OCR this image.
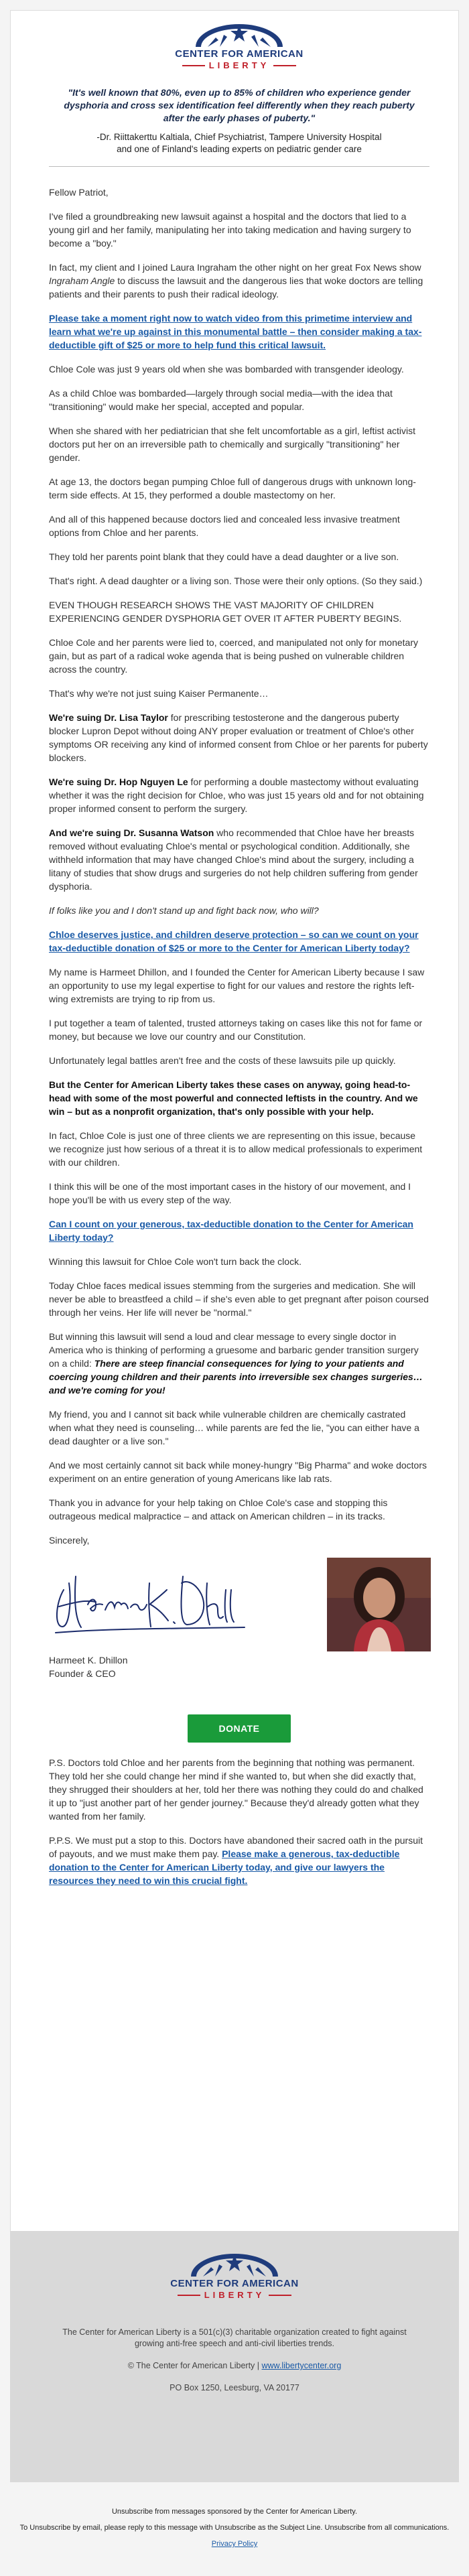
CENTER FOR AMERICAN
LIBERTY
"It's well known that 80%, even up to 85% of children who experience gender dysphoria and cross sex identification feel differently when they reach puberty after the early phases of puberty."
-Dr. Riittakerttu Kaltiala, Chief Psychiatrist, Tampere University Hospital
and one of Finland's leading experts on pediatric gender care

Fellow Patriot,

I've filed a groundbreaking new lawsuit against a hospital and the doctors that lied to a young girl and her family, manipulating her into taking medication and having surgery to become a "boy."

In fact, my client and I joined Laura Ingraham the other night on her great Fox News show Ingraham Angle to discuss the lawsuit and the dangerous lies that woke doctors are telling patients and their parents to push their radical ideology.

Please take a moment right now to watch video from this primetime interview and learn what we're up against in this monumental battle – then consider making a tax-deductible gift of $25 or more to help fund this critical lawsuit.

Chloe Cole was just 9 years old when she was bombarded with transgender ideology.

As a child Chloe was bombarded—largely through social media—with the idea that "transitioning" would make her special, accepted and popular.

When she shared with her pediatrician that she felt uncomfortable as a girl, leftist activist doctors put her on an irreversible path to chemically and surgically "transitioning" her gender.

At age 13, the doctors began pumping Chloe full of dangerous drugs with unknown long-term side effects. At 15, they performed a double mastectomy on her.

And all of this happened because doctors lied and concealed less invasive treatment options from Chloe and her parents.

They told her parents point blank that they could have a dead daughter or a live son.

That's right. A dead daughter or a living son. Those were their only options. (So they said.)

EVEN THOUGH RESEARCH SHOWS THE VAST MAJORITY OF CHILDREN EXPERIENCING GENDER DYSPHORIA GET OVER IT AFTER PUBERTY BEGINS.

Chloe Cole and her parents were lied to, coerced, and manipulated not only for monetary gain, but as part of a radical woke agenda that is being pushed on vulnerable children across the country.

That's why we're not just suing Kaiser Permanente…

We're suing Dr. Lisa Taylor for prescribing testosterone and the dangerous puberty blocker Lupron Depot without doing ANY proper evaluation or treatment of Chloe's other symptoms OR receiving any kind of informed consent from Chloe or her parents for puberty blockers.

We're suing Dr. Hop Nguyen Le for performing a double mastectomy without evaluating whether it was the right decision for Chloe, who was just 15 years old and for not obtaining proper informed consent to perform the surgery.

And we're suing Dr. Susanna Watson who recommended that Chloe have her breasts removed without evaluating Chloe's mental or psychological condition. Additionally, she withheld information that may have changed Chloe's mind about the surgery, including a litany of studies that show drugs and surgeries do not help children suffering from gender dysphoria.

If folks like you and I don't stand up and fight back now, who will?

Chloe deserves justice, and children deserve protection – so can we count on your tax-deductible donation of $25 or more to the Center for American Liberty today?

My name is Harmeet Dhillon, and I founded the Center for American Liberty because I saw an opportunity to use my legal expertise to fight for our values and restore the rights left-wing extremists are trying to rip from us.

I put together a team of talented, trusted attorneys taking on cases like this not for fame or money, but because we love our country and our Constitution.

Unfortunately legal battles aren't free and the costs of these lawsuits pile up quickly.

But the Center for American Liberty takes these cases on anyway, going head-to-head with some of the most powerful and connected leftists in the country. And we win – but as a nonprofit organization, that's only possible with your help.

In fact, Chloe Cole is just one of three clients we are representing on this issue, because we recognize just how serious of a threat it is to allow medical professionals to experiment with our children.

I think this will be one of the most important cases in the history of our movement, and I hope you'll be with us every step of the way.

Can I count on your generous, tax-deductible donation to the Center for American Liberty today?

Winning this lawsuit for Chloe Cole won't turn back the clock.

Today Chloe faces medical issues stemming from the surgeries and medication. She will never be able to breastfeed a child – if she's even able to get pregnant after poison coursed through her veins. Her life will never be "normal."

But winning this lawsuit will send a loud and clear message to every single doctor in America who is thinking of performing a gruesome and barbaric gender transition surgery on a child: There are steep financial consequences for lying to your patients and coercing young children and their parents into irreversible sex changes surgeries… and we're coming for you!

My friend, you and I cannot sit back while vulnerable children are chemically castrated when what they need is counseling… while parents are fed the lie, "you can either have a dead daughter or a live son."

And we most certainly cannot sit back while money-hungry "Big Pharma" and woke doctors experiment on an entire generation of young Americans like lab rats.

Thank you in advance for your help taking on Chloe Cole's case and stopping this outrageous medical malpractice – and attack on American children – in its tracks.

Sincerely,

Harmeet K. Dhillon
Founder & CEO
DONATE

P.S. Doctors told Chloe and her parents from the beginning that nothing was permanent. They told her she could change her mind if she wanted to, but when she did exactly that, they shrugged their shoulders at her, told her there was nothing they could do and chalked it up to "just another part of her gender journey." Because they'd already gotten what they wanted from her family.

P.P.S. We must put a stop to this. Doctors have abandoned their sacred oath in the pursuit of payouts, and we must make them pay. Please make a generous, tax-deductible donation to the Center for American Liberty today, and give our lawyers the resources they need to win this crucial fight.

CENTER FOR AMERICAN
LIBERTY
The Center for American Liberty is a 501(c)(3) charitable organization created to fight against growing anti-free speech and anti-civil liberties trends.
© The Center for American Liberty | www.libertycenter.org
PO Box 1250, Leesburg, VA 20177
Unsubscribe from messages sponsored by the Center for American Liberty.
To Unsubscribe by email, please reply to this message with Unsubscribe as the Subject Line. Unsubscribe from all communications.
Privacy Policy
